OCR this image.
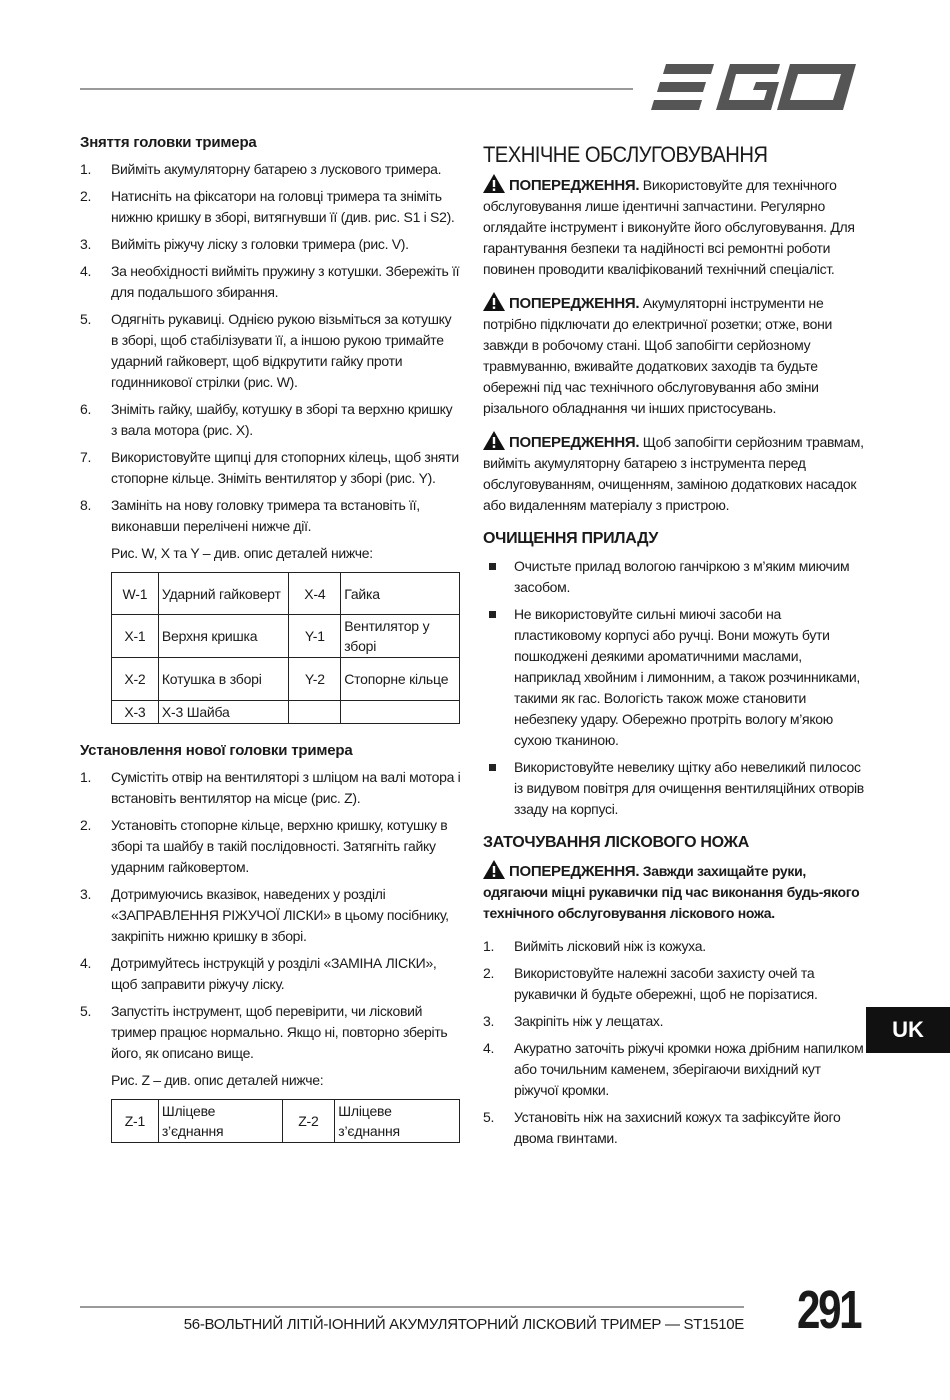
Зняття головки тримера
1. Вийміть акумуляторну батарею з лускового тримера.
2. Натисніть на фіксатори на головці тримера та зніміть нижню кришку в зборі, витягнувши її (див. рис. S1 і S2).
3. Вийміть ріжучу ліску з головки тримера (рис. V).
4. За необхідності вийміть пружину з котушки. Збережіть її для подальшого збирання.
5. Одягніть рукавиці. Однією рукою візьміться за котушку в зборі, щоб стабілізувати її, а іншою рукою тримайте ударний гайковерт, щоб відкрутити гайку проти годинникової стрілки (рис. W).
6. Зніміть гайку, шайбу, котушку в зборі та верхню кришку з вала мотора (рис. X).
7. Використовуйте щипці для стопорних кілець, щоб зняти стопорне кільце. Зніміть вентилятор у зборі (рис. Y).
8. Замініть на нову головку тримера та встановіть її, виконавши перелічені нижче дії.
Рис. W, X та Y – див. опис деталей нижче:
W-1	Ударний гайковерт	X-4	Гайка
X-1	Верхня кришка	Y-1	Вентилятор у зборі
X-2	Котушка в зборі	Y-2	Стопорне кільце
X-3	X-3 Шайба		
Установлення нової головки тримера
1. Сумістіть отвір на вентиляторі з шліцом на валі мотора і встановіть вентилятор на місце (рис. Z).
2. Установіть стопорне кільце, верхню кришку, котушку в зборі та шайбу в такій послідовності. Затягніть гайку ударним гайковертом.
3. Дотримуючись вказівок, наведених у розділі «ЗАПРАВЛЕННЯ РІЖУЧОЇ ЛІСКИ» в цьому посібнику, закріпіть нижню кришку в зборі.
4. Дотримуйтесь інструкцій у розділі «ЗАМІНА ЛІСКИ», щоб заправити ріжучу ліску.
5. Запустіть інструмент, щоб перевірити, чи лісковий тример працює нормально. Якщо ні, повторно зберіть його, як описано вище.
Рис. Z – див. опис деталей нижче:
Z-1	Шліцеве з’єднання	Z-2	Шліцеве з’єднання
ТЕХНІЧНЕ ОБСЛУГОВУВАННЯ

ПОПЕРЕДЖЕННЯ. Використовуйте для технічного обслуговування лише ідентичні запчастини. Регулярно оглядайте інструмент і виконуйте його обслуговування. Для гарантування безпеки та надійності всі ремонтні роботи повинен проводити кваліфікований технічний спеціаліст.

ПОПЕРЕДЖЕННЯ. Акумуляторні інструменти не потрібно підключати до електричної розетки; отже, вони завжди в робочому стані. Щоб запобігти серйозному травмуванню, вживайте додаткових заходів та будьте обережні під час технічного обслуговування або зміни різального обладнання чи інших пристосувань.

ПОПЕРЕДЖЕННЯ. Щоб запобігти серйозним травмам, вийміть акумуляторну батарею з інструмента перед обслуговуванням, очищенням, заміною додаткових насадок або видаленням матеріалу з пристрою.

ОЧИЩЕННЯ ПРИЛАДУ
Очистьте прилад вологою ганчіркою з м’яким миючим засобом.
Не використовуйте сильні миючі засоби на пластиковому корпусі або ручці. Вони можуть бути пошкоджені деякими ароматичними маслами, наприклад хвойним і лимонним, а також розчинниками, такими як гас. Вологість також може становити небезпеку удару. Обережно протріть вологу м’якою сухою тканиною.
Використовуйте невелику щітку або невеликий пилосос із видувом повітря для очищення вентиляційних отворів ззаду на корпусі.
ЗАТОЧУВАННЯ ЛІСКОВОГО НОЖА

ПОПЕРЕДЖЕННЯ. Завжди захищайте руки, одягаючи міцні рукавички під час виконання будь-якого технічного обслуговування ліскового ножа.

1. Вийміть лісковий ніж із кожуха.
2. Використовуйте належні засоби захисту очей та рукавички й будьте обережні, щоб не порізатися.
3. Закріпіть ніж у лещатах.
4. Акуратно заточіть ріжучі кромки ножа дрібним напилком або точильним каменем, зберігаючи вихідний кут ріжучої кромки.
5. Установіть ніж на захисний кожух та зафіксуйте його двома гвинтами.
UK
56-ВОЛЬТНИЙ ЛІТІЙ-ІОННИЙ АКУМУЛЯТОРНИЙ ЛІСКОВИЙ ТРИМЕР — ST1510E 291
